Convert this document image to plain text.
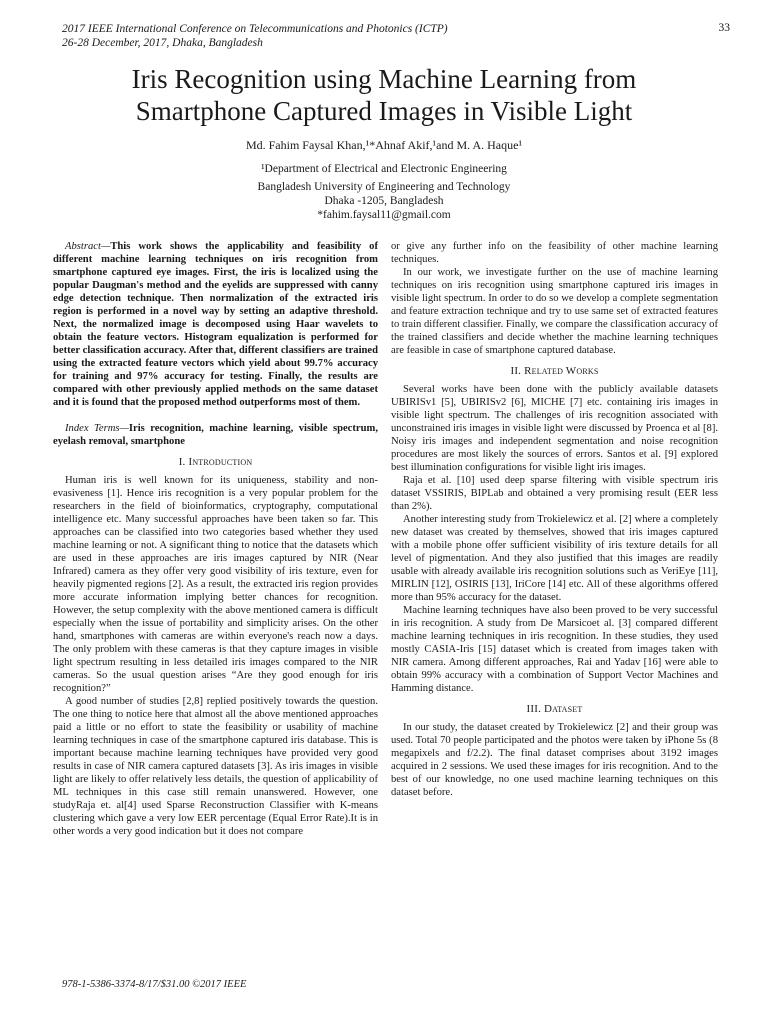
2017 IEEE International Conference on Telecommunications and Photonics (ICTP)
26-28 December, 2017, Dhaka, Bangladesh
33
Iris Recognition using Machine Learning from
Smartphone Captured Images in Visible Light
Md. Fahim Faysal Khan,¹*Ahnaf Akif,¹and M. A. Haque¹
¹Department of Electrical and Electronic Engineering
Bangladesh University of Engineering and Technology
Dhaka -1205, Bangladesh
*fahim.faysal11@gmail.com

Abstract—This work shows the applicability and feasibility of different machine learning techniques on iris recognition from smartphone captured eye images. First, the iris is localized using the popular Daugman's method and the eyelids are suppressed with canny edge detection technique. Then normalization of the extracted iris region is performed in a novel way by setting an adaptive threshold. Next, the normalized image is decomposed using Haar wavelets to obtain the feature vectors. Histogram equalization is performed for better classification accuracy. After that, different classifiers are trained using the extracted feature vectors which yield about 99.7% accuracy for training and 97% accuracy for testing. Finally, the results are compared with other previously applied methods on the same dataset and it is found that the proposed method outperforms most of them.

Index Terms—Iris recognition, machine learning, visible spectrum, eyelash removal, smartphone

I. Introduction

Human iris is well known for its uniqueness, stability and non-evasiveness [1]. Hence iris recognition is a very popular problem for the researchers in the field of bioinformatics, cryptography, computational intelligence etc. Many successful approaches have been taken so far. This approaches can be classified into two categories based whether they used machine learning or not. A significant thing to notice that the datasets which are used in these approaches are iris images captured by NIR (Near Infrared) camera as they offer very good visibility of iris texture, even for heavily pigmented regions [2]. As a result, the extracted iris region provides more accurate information implying better chances for recognition. However, the setup complexity with the above mentioned camera is difficult especially when the issue of portability and simplicity arises. On the other hand, smartphones with cameras are within everyone's reach now a days. The only problem with these cameras is that they capture images in visible light spectrum resulting in less detailed iris images compared to the NIR cameras. So the usual question arises “Are they good enough for iris recognition?”

A good number of studies [2,8] replied positively towards the question. The one thing to notice here that almost all the above mentioned approaches paid a little or no effort to state the feasibility or usability of machine learning techniques in case of the smartphone captured iris database. This is important because machine learning techniques have provided very good results in case of NIR camera captured datasets [3]. As iris images in visible light are likely to offer relatively less details, the question of applicability of ML techniques in this case still remain unanswered. However, one studyRaja et. al[4] used Sparse Reconstruction Classifier with K-means clustering which gave a very low EER percentage (Equal Error Rate).It is in other words a very good indication but it does not compare

or give any further info on the feasibility of other machine learning techniques.

In our work, we investigate further on the use of machine learning techniques on iris recognition using smartphone captured iris images in visible light spectrum. In order to do so we develop a complete segmentation and feature extraction technique and try to use same set of extracted features to train different classifier. Finally, we compare the classification accuracy of the trained classifiers and decide whether the machine learning techniques are feasible in case of smartphone captured database.

II. Related Works

Several works have been done with the publicly available datasets UBIRISv1 [5], UBIRISv2 [6], MICHE [7] etc. containing iris images in visible light spectrum. The challenges of iris recognition associated with unconstrained iris images in visible light were discussed by Proenca et al [8]. Noisy iris images and independent segmentation and noise recognition procedures are most likely the sources of errors. Santos et al. [9] explored best illumination configurations for visible light iris images.

Raja et al. [10] used deep sparse filtering with visible spectrum iris dataset VSSIRIS, BIPLab and obtained a very promising result (EER less than 2%).

Another interesting study from Trokielewicz et al. [2] where a completely new dataset was created by themselves, showed that iris images captured with a mobile phone offer sufficient visibility of iris texture details for all level of pigmentation. And they also justified that this images are readily usable with already available iris recognition solutions such as VeriEye [11], MIRLIN [12], OSIRIS [13], IriCore [14] etc. All of these algorithms offered more than 95% accuracy for the dataset.

Machine learning techniques have also been proved to be very successful in iris recognition. A study from De Marsicoet al. [3] compared different machine learning techniques in iris recognition. In these studies, they used mostly CASIA-Iris [15] dataset which is created from images taken with NIR camera. Among different approaches, Rai and Yadav [16] were able to obtain 99% accuracy with a combination of Support Vector Machines and Hamming distance.

III. Dataset

In our study, the dataset created by Trokielewicz [2] and their group was used. Total 70 people participated and the photos were taken by iPhone 5s (8 megapixels and f/2.2). The final dataset comprises about 3192 images acquired in 2 sessions. We used these images for iris recognition. And to the best of our knowledge, no one used machine learning techniques on this dataset before.

978-1-5386-3374-8/17/$31.00 ©2017 IEEE
